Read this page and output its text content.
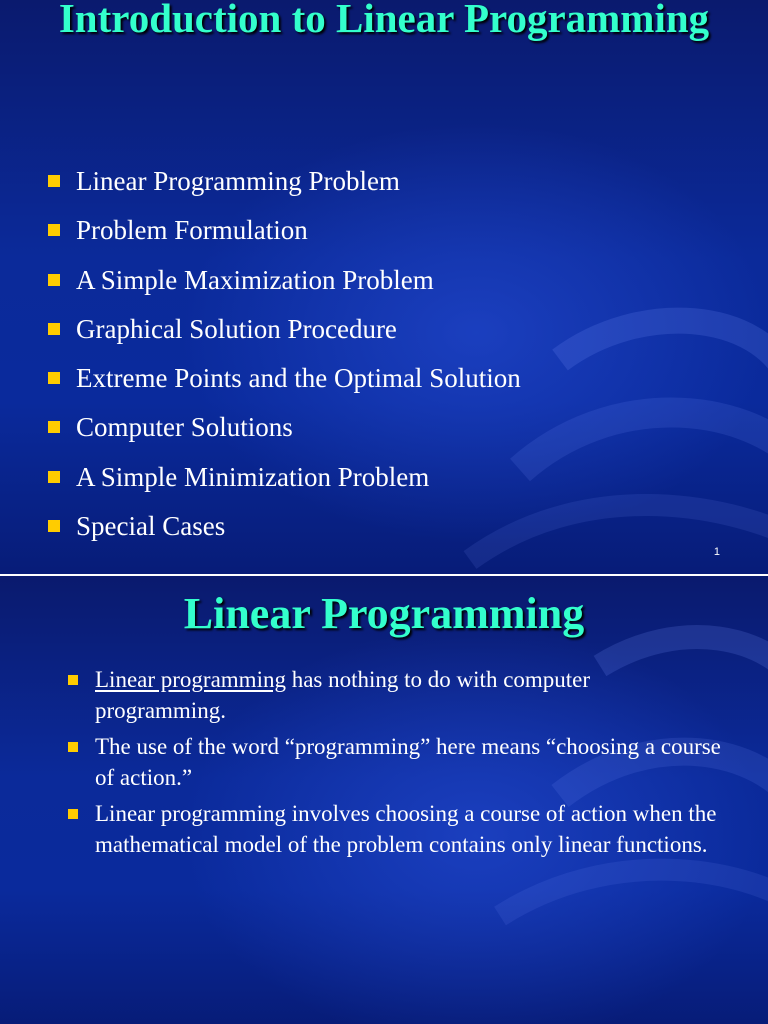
Introduction to Linear Programming
Linear Programming Problem
Problem Formulation
A Simple Maximization Problem
Graphical Solution Procedure
Extreme Points and the Optimal Solution
Computer Solutions
A Simple Minimization Problem
Special Cases
1
Linear Programming
Linear programming has nothing to do with computer programming.
The use of the word “programming” here means “choosing a course of action.”
Linear programming involves choosing a course of action when the mathematical model of the problem contains only linear functions.
